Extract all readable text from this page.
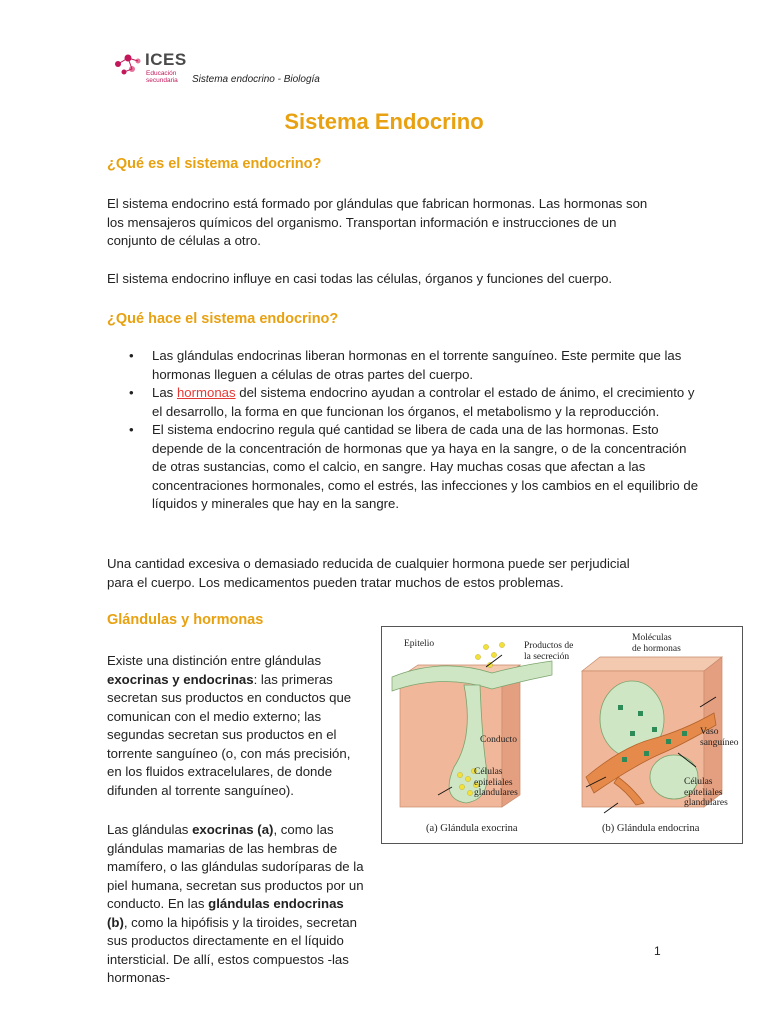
ICES
Educación
secundaria Sistema endocrino - Biología
Sistema Endocrino
¿Qué es el sistema endocrino?

El sistema endocrino está formado por glándulas que fabrican hormonas. Las hormonas son los mensajeros químicos del organismo. Transportan información e instrucciones de un conjunto de células a otro.

El sistema endocrino influye en casi todas las células, órganos y funciones del cuerpo.

¿Qué hace el sistema endocrino?
• Las glándulas endocrinas liberan hormonas en el torrente sanguíneo. Este permite que las hormonas lleguen a células de otras partes del cuerpo.
• Las hormonas del sistema endocrino ayudan a controlar el estado de ánimo, el crecimiento y el desarrollo, la forma en que funcionan los órganos, el metabolismo y la reproducción.
• El sistema endocrino regula qué cantidad se libera de cada una de las hormonas. Esto depende de la concentración de hormonas que ya haya en la sangre, o de la concentración de otras sustancias, como el calcio, en sangre. Hay muchas cosas que afectan a las concentraciones hormonales, como el estrés, las infecciones y los cambios en el equilibrio de líquidos y minerales que hay en la sangre.

Una cantidad excesiva o demasiado reducida de cualquier hormona puede ser perjudicial para el cuerpo. Los medicamentos pueden tratar muchos de estos problemas.

Glándulas y hormonas

Existe una distinción entre glándulas exocrinas y endocrinas: las primeras secretan sus productos en conductos que comunican con el medio externo; las segundas secretan sus productos en el torrente sanguíneo (o, con más precisión, en los fluidos extracelulares, de donde difunden al torrente sanguíneo).

Las glándulas exocrinas (a), como las glándulas mamarias de las hembras de mamífero, o las glándulas sudoríparas de la piel humana, secretan sus productos por un conducto. En las glándulas endocrinas (b), como la hipófisis y la tiroides, secretan sus productos directamente en el líquido intersticial. De allí, estos compuestos -las hormonas-

Epitelio	Productos de
la secreción
Conducto
Células
epiteliales
glandulares
Moléculas
de hormonas
Vaso
sanguíneo
Células
epiteliales
glandulares
(a) Glándula exocrina	(b) Glándula endocrina
1
